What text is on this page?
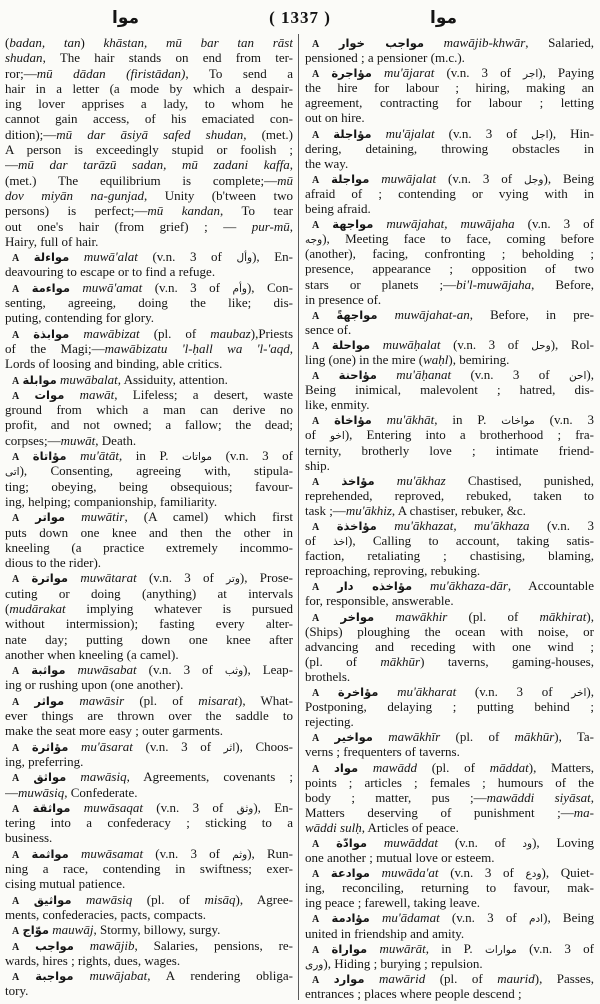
موا	( 1337 )	موا
(badan, tan) khāstan, mū bar tan rāst
shudan, The hair stands on end from ter-
ror;—mū dādan (firistādan), To send a
hair in a letter (a mode by which a despair-
ing lover apprises a lady, to whom he
cannot gain access, of his emaciated con-
dition);—mū dar āsiyā safed shudan, (met.)
A person is exceedingly stupid or foolish ;
—mū dar tarāzū sadan, mū zadani kaffa,
(met.) The equilibrium is complete;—mū
dov miyān na-gunjad, Unity (b'tween two
persons) is perfect;—mū kandan, To tear
out one's hair (from grief) ; — pur-mū,
Hairy, full of hair.
A مواءلة muwā'alat (v.n. 3 of وأل), En-
deavouring to escape or to find a refuge.
A مواءمة muwā'amat (v.n. 3 of وأم), Con-
senting, agreeing, doing the like; dis-
puting, contending for glory.
A موابذة mawābizat (pl. of maubaz),Priests
of the Magi;—mawābizatu 'l-ḥall wa 'l-'aqd,
Lords of loosing and binding, able critics.
A موابلة muwābalat, Assiduity, attention.
A موات mawāt, Lifeless; a desert, waste
ground from which a man can derive no
profit, and not owned; a fallow; the dead;
corpses;—muwāt, Death.
A مؤاتاة mu'ātāt, in P. مواتات (v.n. 3 of
اتى), Consenting, agreeing with, stipula-
ting; obeying, being obsequious; favour-
ing, helping; companionship, familiarity.
A مواتر muwātir, (A camel) which first
puts down one knee and then the other in
kneeling (a practice extremely incommo-
dious to the rider).
A مواترة muwātarat (v.n. 3 of وتر), Prose-
cuting or doing (anything) at intervals
(mudārakat implying whatever is pursued
without intermission); fasting every alter-
nate day; putting down one knee after
another when kneeling (a camel).
A مواثبة muwāsabat (v.n. 3 of وثب), Leap-
ing or rushing upon (one another).
A مواثر mawāsir (pl. of misarat), What-
ever things are thrown over the saddle to
make the seat more easy ; outer garments.
A مؤاثرة mu'āsarat (v.n. 3 of اثر), Choos-
ing, preferring.
A مواثق mawāsiq, Agreements, covenants ;
—muwāsiq, Confederate.
A مواثقة muwāsaqat (v.n. 3 of وثق), En-
tering into a confederacy ; sticking to a
business.
A مواثمة muwāsamat (v.n. 3 of وثم), Run-
ning a race, contending in swiftness; exer-
cising mutual patience.
A مواثيق mawāsiq (pl. of misāq), Agree-
ments, confederacies, pacts, compacts.
A موّاج mauwāj, Stormy, billowy, surgy.
A مواجب mawājib, Salaries, pensions, re-
wards, hires ; rights, dues, wages.
A مواجبة muwājabat, A rendering obliga-
tory.
A مواجب خوار mawājib-khwār, Salaried,
pensioned ; a pensioner (m.c.).
A مؤاجرة mu'ājarat (v.n. 3 of اجر), Paying
the hire for labour ; hiring, making an
agreement, contracting for labour ; letting
out on hire.
A مؤاجلة mu'ājalat (v.n. 3 of اجل), Hin-
dering, detaining, throwing obstacles in
the way.
A مواجلة muwājalat (v.n. 3 of وجل), Being
afraid of ; contending or vying with in
being afraid.
A مواجهة muwājahat, muwājaha (v.n. 3 of
وجه), Meeting face to face, coming before
(another), facing, confronting ; beholding ;
presence, appearance ; opposition of two
stars or planets ;—bi'l-muwājaha, Before,
in presence of.
A مواجهةً muwājahat-an, Before, in pre-
sence of.
A مواحلة muwāḥalat (v.n. 3 of وحل), Rol-
ling (one) in the mire (waḥl), bemiring.
A مؤاحنة mu'āḥanat (v.n. 3 of احن),
Being inimical, malevolent ; hatred, dis-
like, enmity.
A مؤاخاة mu'ākhāt, in P. مواخات (v.n. 3
of اخو), Entering into a brotherhood ; fra-
ternity, brotherly love ; intimate friend-
ship.
A مؤاخذ mu'ākhaz Chastised, punished,
reprehended, reproved, rebuked, taken to
task ;—mu'ākhiz, A chastiser, rebuker, &c.
A مؤاخذة mu'ākhazat, mu'ākhaza (v.n. 3
of اخذ), Calling to account, taking satis-
faction, retaliating ; chastising, blaming,
reproaching, reproving, rebuking.
A مؤاخذه دار mu'ākhaza-dār, Accountable
for, responsible, answerable.
A مواخر mawākhir (pl. of mākhirat),
(Ships) ploughing the ocean with noise, or
advancing and receding with one wind ;
(pl. of mākhūr) taverns, gaming-houses,
brothels.
A مؤاخرة mu'ākharat (v.n. 3 of اخر),
Postponing, delaying ; putting behind ;
rejecting.
A مواخير mawākhīr (pl. of mākhūr), Ta-
verns ; frequenters of taverns.
A مواد mawādd (pl. of māddat), Matters,
points ; articles ; females ; humours of the
body ; matter, pus ;—mawāddi siyāsat,
Matters deserving of punishment ;—ma-
wāddi sulḥ, Articles of peace.
A موادّة muwāddat (v.n. of ود), Loving
one another ; mutual love or esteem.
A موادعة muwāda'at (v.n. 3 of ودع), Quiet-
ing, reconciling, returning to favour, mak-
ing peace ; farewell, taking leave.
A مؤادمة mu'ādamat (v.n. 3 of ادم), Being
united in friendship and amity.
A مواراة muwārāt, in P. موارات (v.n. 3 of
ورى), Hiding ; burying ; repulsion.
A موارد mawārid (pl. of maurid), Passes,
entrances ; places where people descend ;
